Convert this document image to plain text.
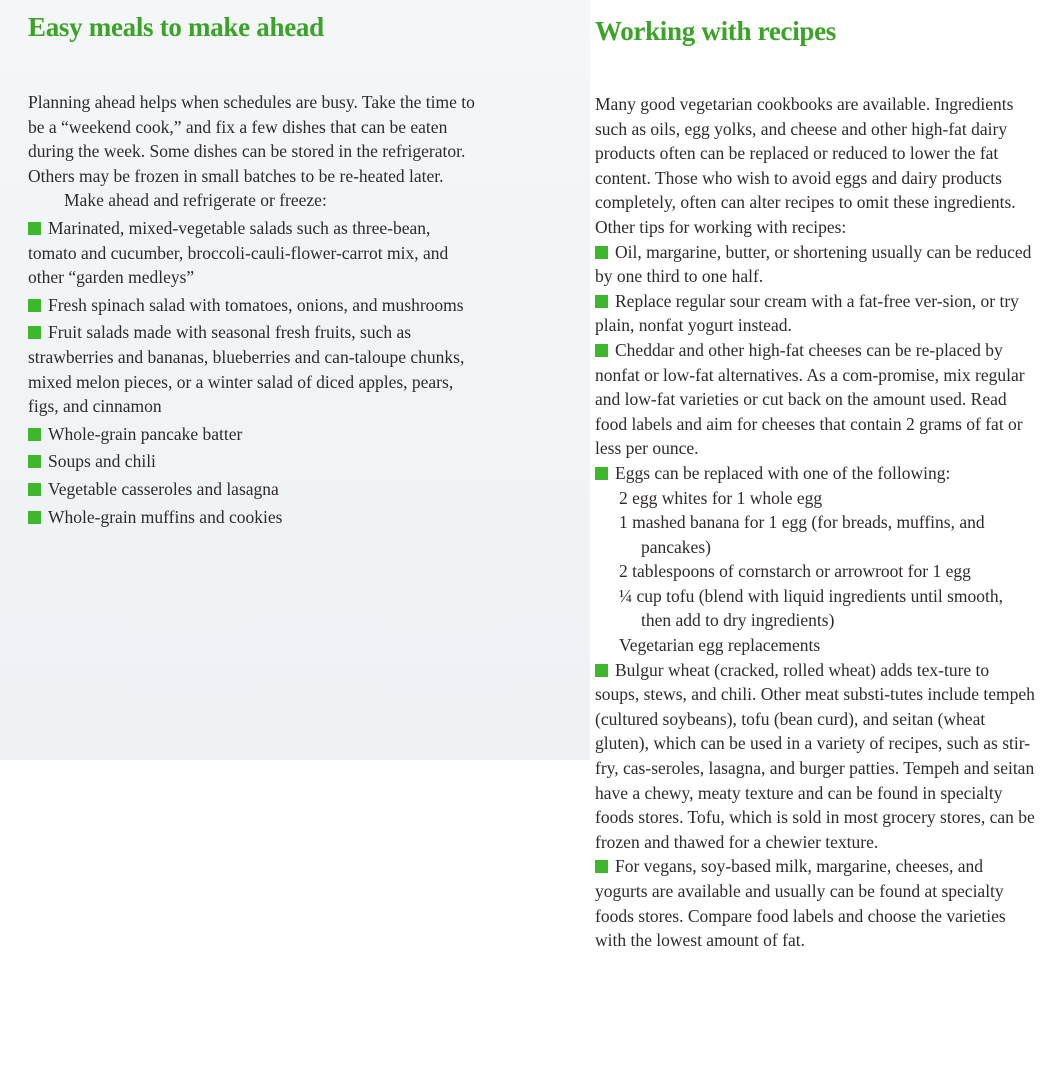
Easy meals to make ahead

Planning ahead helps when schedules are busy. Take the time to be a “weekend cook,” and fix a few dishes that can be eaten during the week. Some dishes can be stored in the refrigerator. Others may be frozen in small batches to be re-heated later.

Make ahead and refrigerate or freeze:

Marinated, mixed-vegetable salads such as three-bean, tomato and cucumber, broccoli-cauli-flower-carrot mix, and other “garden medleys”

Fresh spinach salad with tomatoes, onions, and mushrooms

Fruit salads made with seasonal fresh fruits, such as strawberries and bananas, blueberries and can-taloupe chunks, mixed melon pieces, or a winter salad of diced apples, pears, figs, and cinnamon

Whole-grain pancake batter

Soups and chili

Vegetable casseroles and lasagna

Whole-grain muffins and cookies

Working with recipes

Many good vegetarian cookbooks are available. Ingredients such as oils, egg yolks, and cheese and other high-fat dairy products often can be replaced or reduced to lower the fat content. Those who wish to avoid eggs and dairy products completely, often can alter recipes to omit these ingredients. Other tips for working with recipes:

Oil, margarine, butter, or shortening usually can be reduced by one third to one half.

Replace regular sour cream with a fat-free ver-sion, or try plain, nonfat yogurt instead.

Cheddar and other high-fat cheeses can be re-placed by nonfat or low-fat alternatives. As a com-promise, mix regular and low-fat varieties or cut back on the amount used. Read food labels and aim for cheeses that contain 2 grams of fat or less per ounce.

Eggs can be replaced with one of the following:

2 egg whites for 1 whole egg

1 mashed banana for 1 egg (for breads, muffins, and pancakes)

2 tablespoons of cornstarch or arrowroot for 1 egg

¼ cup tofu (blend with liquid ingredients until smooth, then add to dry ingredients)

Vegetarian egg replacements

Bulgur wheat (cracked, rolled wheat) adds tex-ture to soups, stews, and chili. Other meat substi-tutes include tempeh (cultured soybeans), tofu (bean curd), and seitan (wheat gluten), which can be used in a variety of recipes, such as stir-fry, cas-seroles, lasagna, and burger patties. Tempeh and seitan have a chewy, meaty texture and can be found in specialty foods stores. Tofu, which is sold in most grocery stores, can be frozen and thawed for a chewier texture.

For vegans, soy-based milk, margarine, cheeses, and yogurts are available and usually can be found at specialty foods stores. Compare food labels and choose the varieties with the lowest amount of fat.
